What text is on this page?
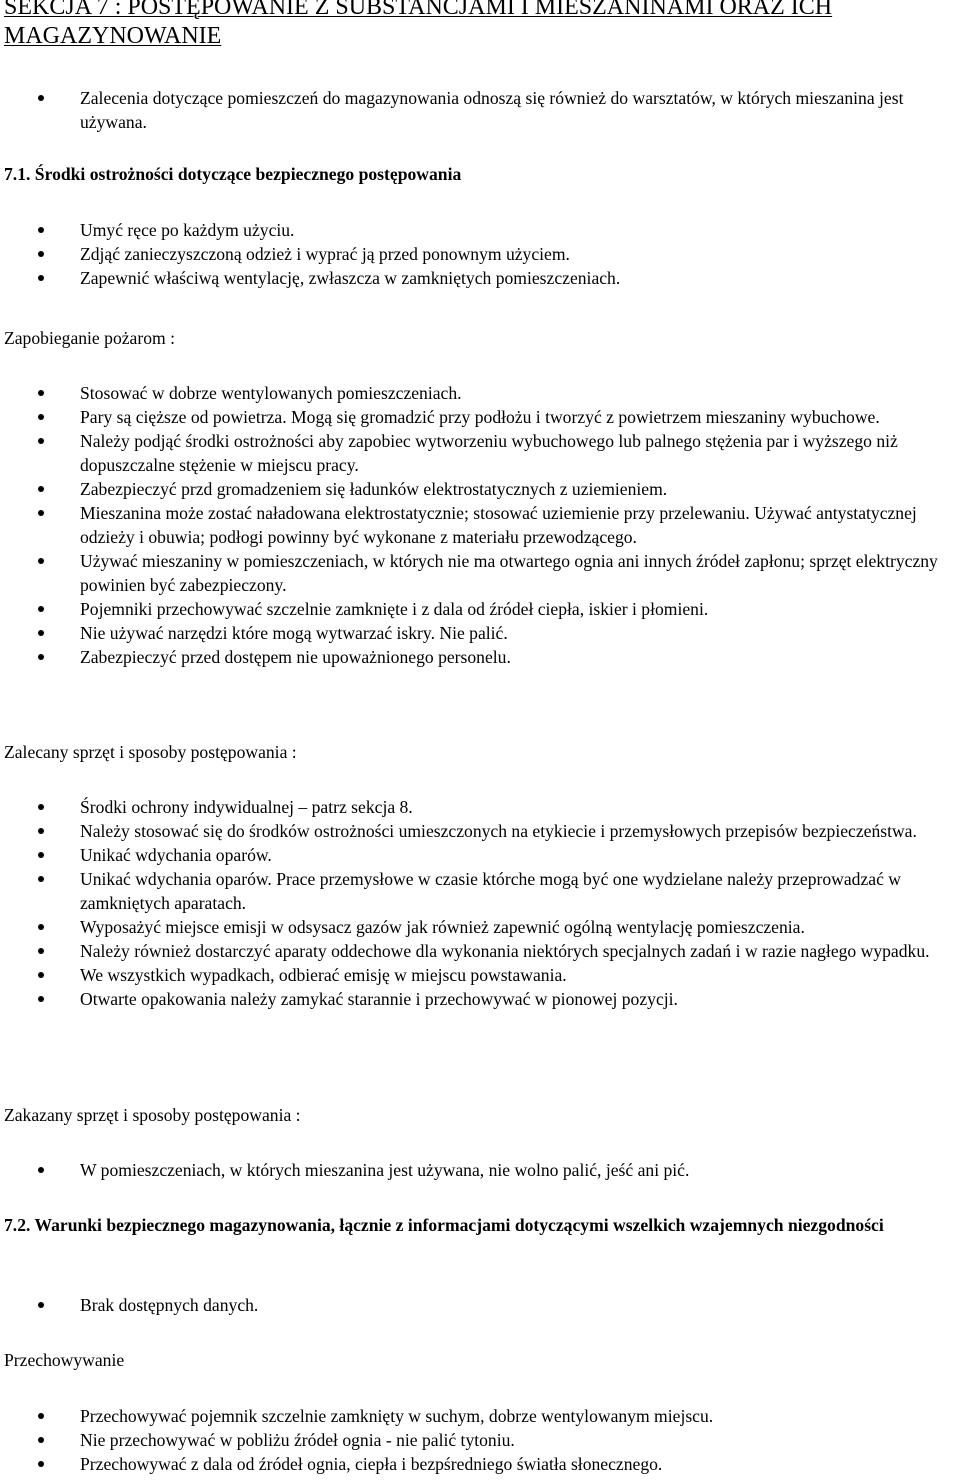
SEKCJA 7 : POSTĘPOWANIE Z SUBSTANCJAMI I MIESZANINAMI ORAZ ICH MAGAZYNOWANIE
Zalecenia dotyczące pomieszczeń do magazynowania odnoszą się również do warsztatów, w których mieszanina jest używana.
7.1. Środki ostrożności dotyczące bezpiecznego postępowania
Umyć ręce po każdym użyciu.
Zdjąć zanieczyszczoną odzież i wyprać ją przed ponownym użyciem.
Zapewnić właściwą wentylację, zwłaszcza w zamkniętych pomieszczeniach.
Zapobieganie pożarom :
Stosować w dobrze wentylowanych pomieszczeniach.
Pary są cięższe od powietrza. Mogą się gromadzić przy podłożu i tworzyć z powietrzem mieszaniny wybuchowe.
Należy podjąć środki ostrożności aby zapobiec wytworzeniu wybuchowego lub palnego stężenia par i wyższego niż dopuszczalne stężenie w miejscu pracy.
Zabezpieczyć przd gromadzeniem się ładunków elektrostatycznych z uziemieniem.
Mieszanina może zostać naładowana elektrostatycznie; stosować uziemienie przy przelewaniu. Używać antystatycznej odzieży i obuwia; podłogi powinny być wykonane z materiału przewodzącego.
Używać mieszaniny w pomieszczeniach, w których nie ma otwartego ognia ani innych źródeł zapłonu; sprzęt elektryczny powinien być zabezpieczony.
Pojemniki przechowywać szczelnie zamknięte i z dala od źródeł ciepła, iskier i płomieni.
Nie używać narzędzi które mogą wytwarzać iskry. Nie palić.
Zabezpieczyć przed dostępem nie upoważnionego personelu.
Zalecany sprzęt i sposoby postępowania :
Środki ochrony indywidualnej – patrz sekcja 8.
Należy stosować się do środków ostrożności umieszczonych na etykiecie i przemysłowych przepisów bezpieczeństwa.
Unikać wdychania oparów.
Unikać wdychania oparów. Prace przemysłowe w czasie którche mogą być one wydzielane należy przeprowadzać w zamkniętych aparatach.
Wyposażyć miejsce emisji w odsysacz gazów jak również zapewnić ogólną wentylację pomieszczenia.
Należy również dostarczyć aparaty oddechowe dla wykonania niektórych specjalnych zadań i w razie nagłego wypadku.
We wszystkich wypadkach, odbierać emisję w miejscu powstawania.
Otwarte opakowania należy zamykać starannie i przechowywać w pionowej pozycji.
Zakazany sprzęt i sposoby postępowania :
W pomieszczeniach, w których mieszanina jest używana, nie wolno palić, jeść ani pić.
7.2. Warunki bezpiecznego magazynowania, łącznie z informacjami dotyczącymi wszelkich wzajemnych niezgodności
Brak dostępnych danych.
Przechowywanie
Przechowywać pojemnik szczelnie zamknięty w suchym, dobrze wentylowanym miejscu.
Nie przechowywać w pobliżu źródeł ognia - nie palić tytoniu.
Przechowywać z dala od źródeł ognia, ciepła i bezpśredniego światła słonecznego.
